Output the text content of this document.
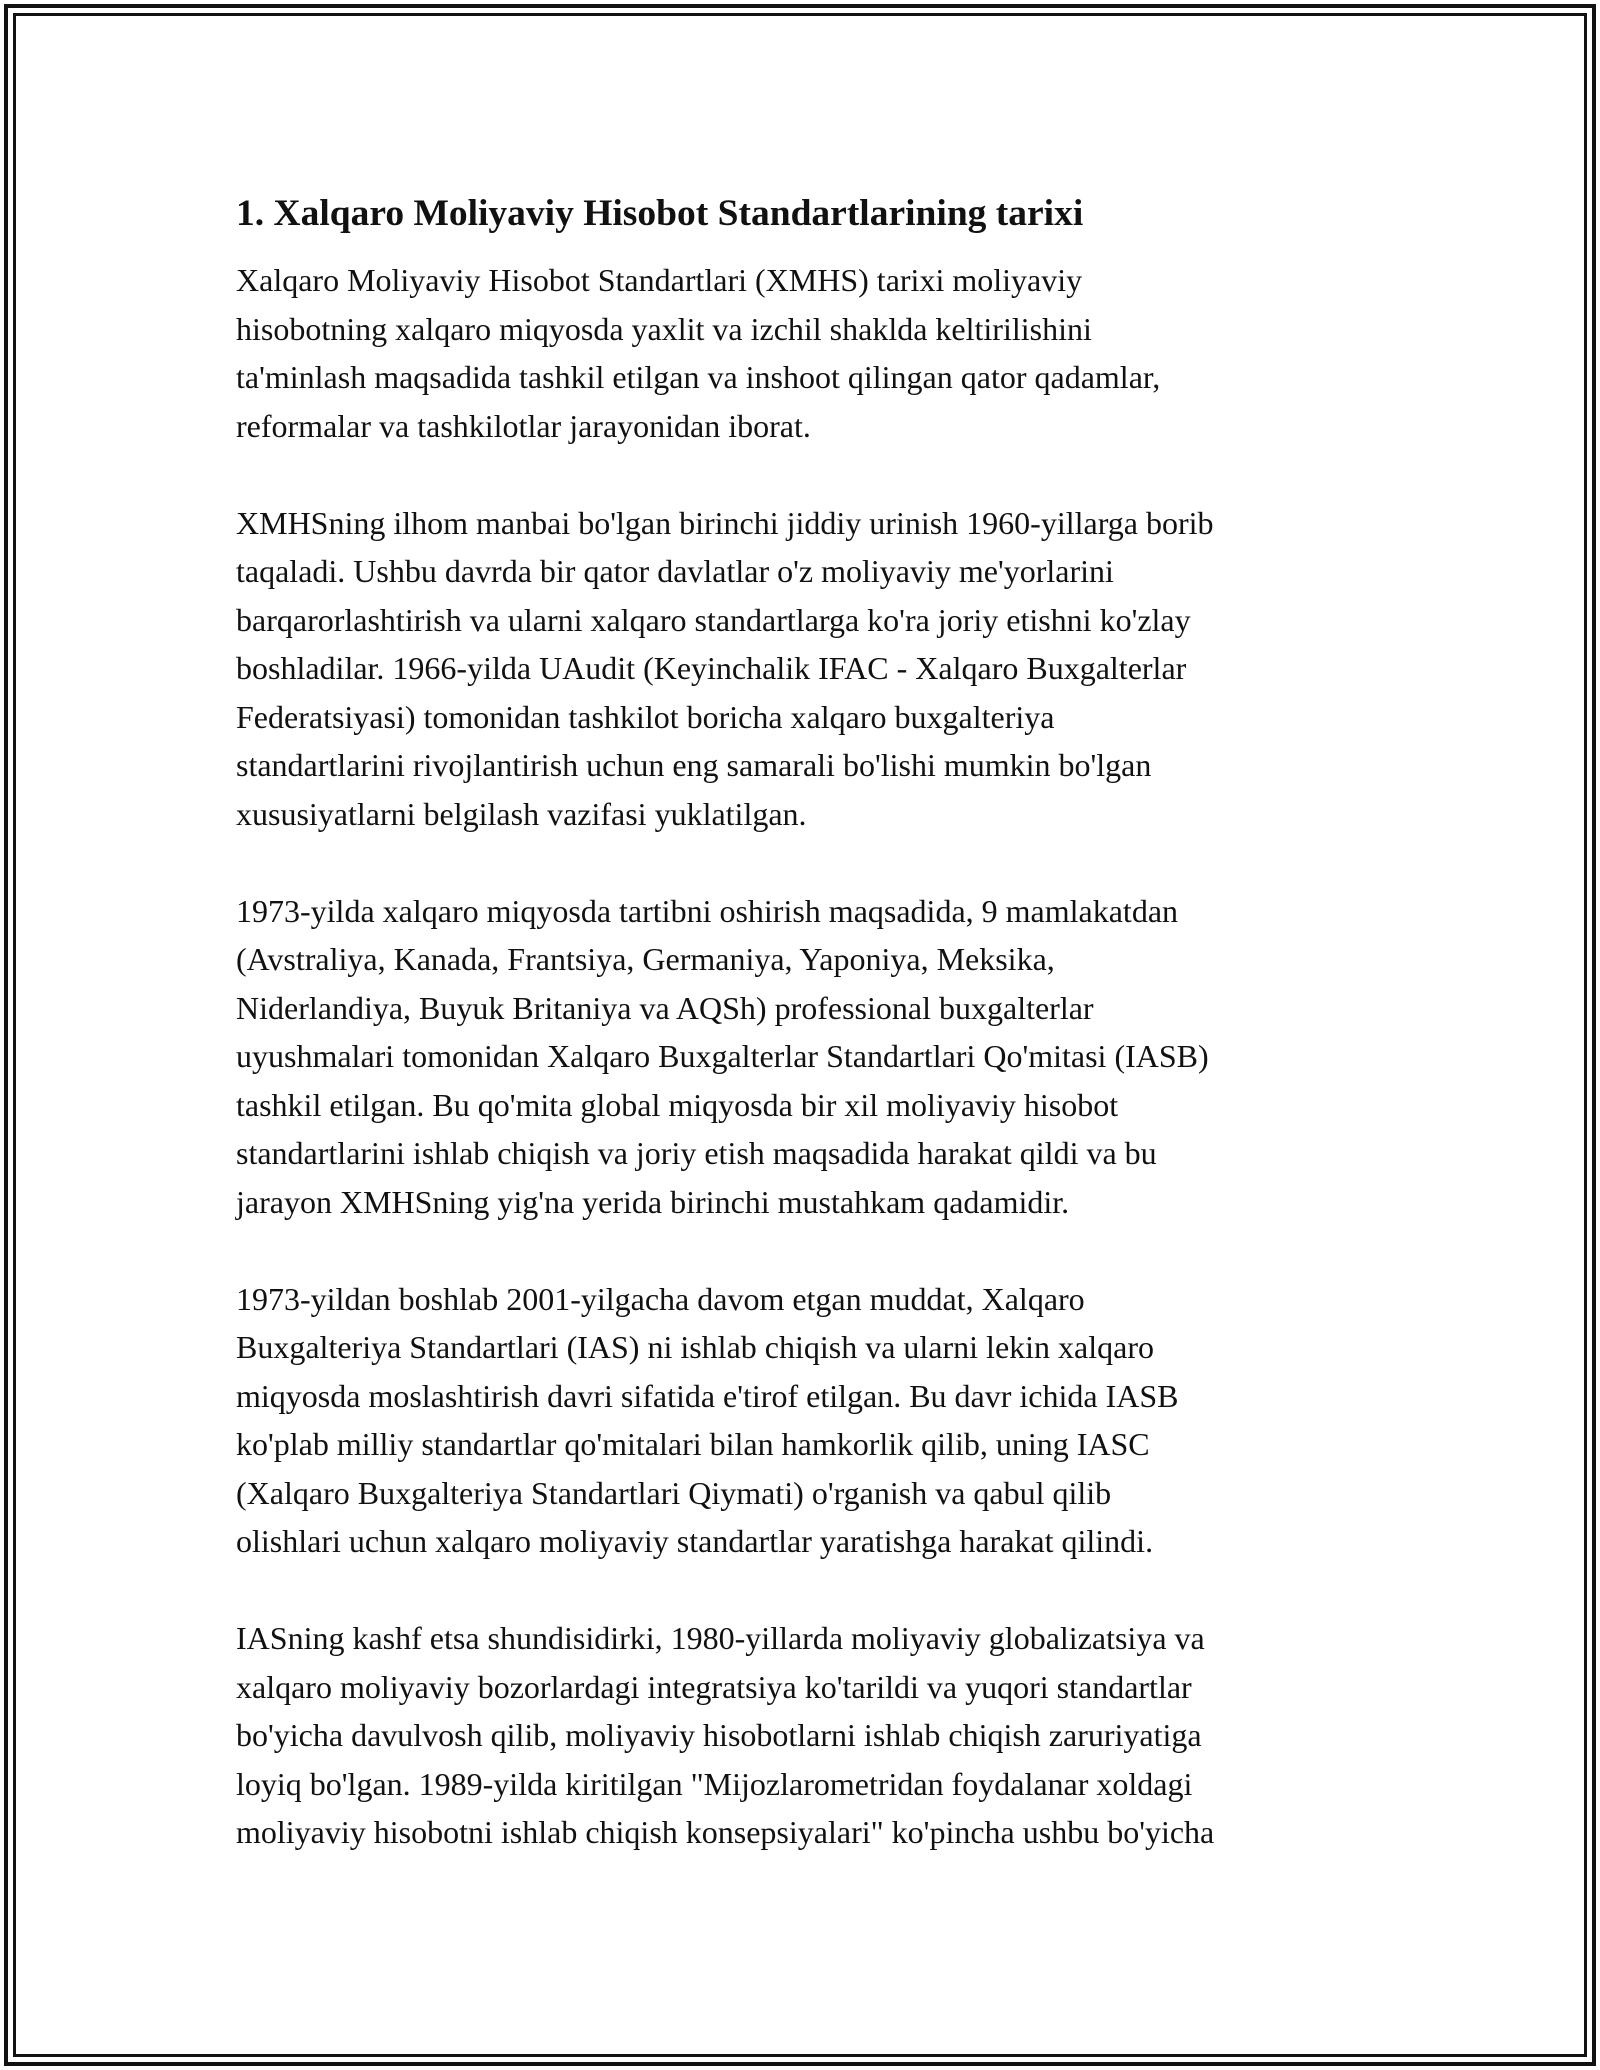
1. Xalqaro Moliyaviy Hisobot Standartlarining tarixi

Xalqaro Moliyaviy Hisobot Standartlari (XMHS) tarixi moliyaviy
hisobotning xalqaro miqyosda yaxlit va izchil shaklda keltirilishini
ta'minlash maqsadida tashkil etilgan va inshoot qilingan qator qadamlar,
reformalar va tashkilotlar jarayonidan iborat.

XMHSning ilhom manbai bo'lgan birinchi jiddiy urinish 1960-yillarga borib
taqaladi. Ushbu davrda bir qator davlatlar o'z moliyaviy me'yorlarini
barqarorlashtirish va ularni xalqaro standartlarga ko'ra joriy etishni ko'zlay
boshladilar. 1966-yilda UAudit (Keyinchalik IFAC - Xalqaro Buxgalterlar
Federatsiyasi) tomonidan tashkilot boricha xalqaro buxgalteriya
standartlarini rivojlantirish uchun eng samarali bo'lishi mumkin bo'lgan
xususiyatlarni belgilash vazifasi yuklatilgan.

1973-yilda xalqaro miqyosda tartibni oshirish maqsadida, 9 mamlakatdan
(Avstraliya, Kanada, Frantsiya, Germaniya, Yaponiya, Meksika,
Niderlandiya, Buyuk Britaniya va AQSh) professional buxgalterlar
uyushmalari tomonidan Xalqaro Buxgalterlar Standartlari Qo'mitasi (IASB)
tashkil etilgan. Bu qo'mita global miqyosda bir xil moliyaviy hisobot
standartlarini ishlab chiqish va joriy etish maqsadida harakat qildi va bu
jarayon XMHSning yig'na yerida birinchi mustahkam qadamidir.

1973-yildan boshlab 2001-yilgacha davom etgan muddat, Xalqaro
Buxgalteriya Standartlari (IAS) ni ishlab chiqish va ularni lekin xalqaro
miqyosda moslashtirish davri sifatida e'tirof etilgan. Bu davr ichida IASB
ko'plab milliy standartlar qo'mitalari bilan hamkorlik qilib, uning IASC
(Xalqaro Buxgalteriya Standartlari Qiymati) o'rganish va qabul qilib
olishlari uchun xalqaro moliyaviy standartlar yaratishga harakat qilindi.

IASning kashf etsa shundisidirki, 1980-yillarda moliyaviy globalizatsiya va
xalqaro moliyaviy bozorlardagi integratsiya ko'tarildi va yuqori standartlar
bo'yicha davulvosh qilib, moliyaviy hisobotlarni ishlab chiqish zaruriyatiga
loyiq bo'lgan. 1989-yilda kiritilgan "Mijozlarometridan foydalanar xoldagi
moliyaviy hisobotni ishlab chiqish konsepsiyalari" ko'pincha ushbu bo'yicha
